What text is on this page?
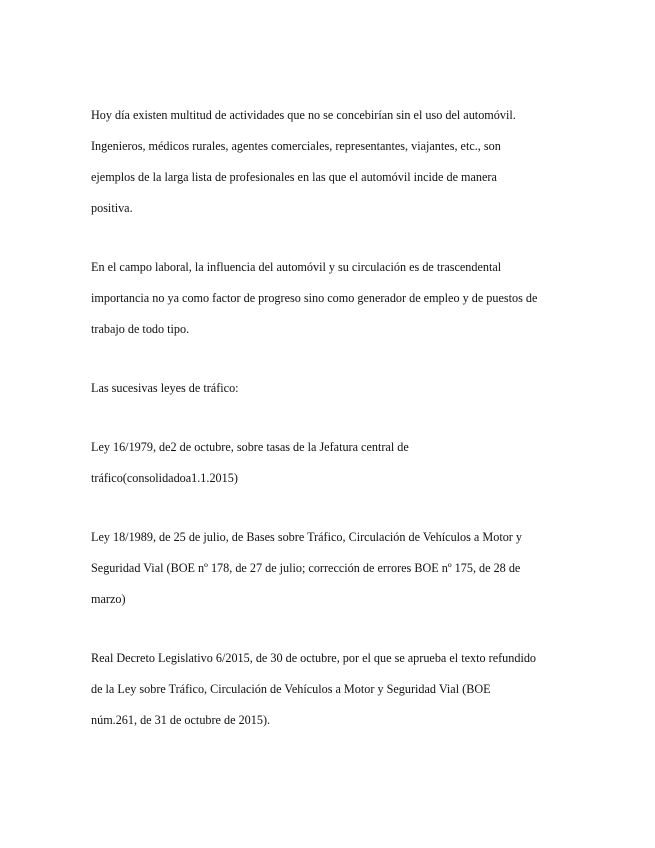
Hoy día existen multitud de actividades que no se concebirían sin el uso del automóvil.
Ingenieros, médicos rurales, agentes comerciales, representantes, viajantes, etc., son
ejemplos de la larga lista de profesionales en las que el automóvil incide de manera
positiva.
En el campo laboral, la influencia del automóvil y su circulación es de trascendental
importancia no ya como factor de progreso sino como generador de empleo y de puestos de
trabajo de todo tipo.
Las sucesivas leyes de tráfico:
Ley 16/1979, de2 de octubre, sobre tasas de la Jefatura central de
tráfico(consolidadoa1.1.2015)
Ley 18/1989, de 25 de julio, de Bases sobre Tráfico, Circulación de Vehículos a Motor y
Seguridad Vial (BOE nº 178, de 27 de julio; corrección de errores BOE nº 175, de 28 de
marzo)
Real Decreto Legislativo 6/2015, de 30 de octubre, por el que se aprueba el texto refundido
de la Ley sobre Tráfico, Circulación de Vehículos a Motor y Seguridad Vial (BOE
núm.261, de 31 de octubre de 2015).
